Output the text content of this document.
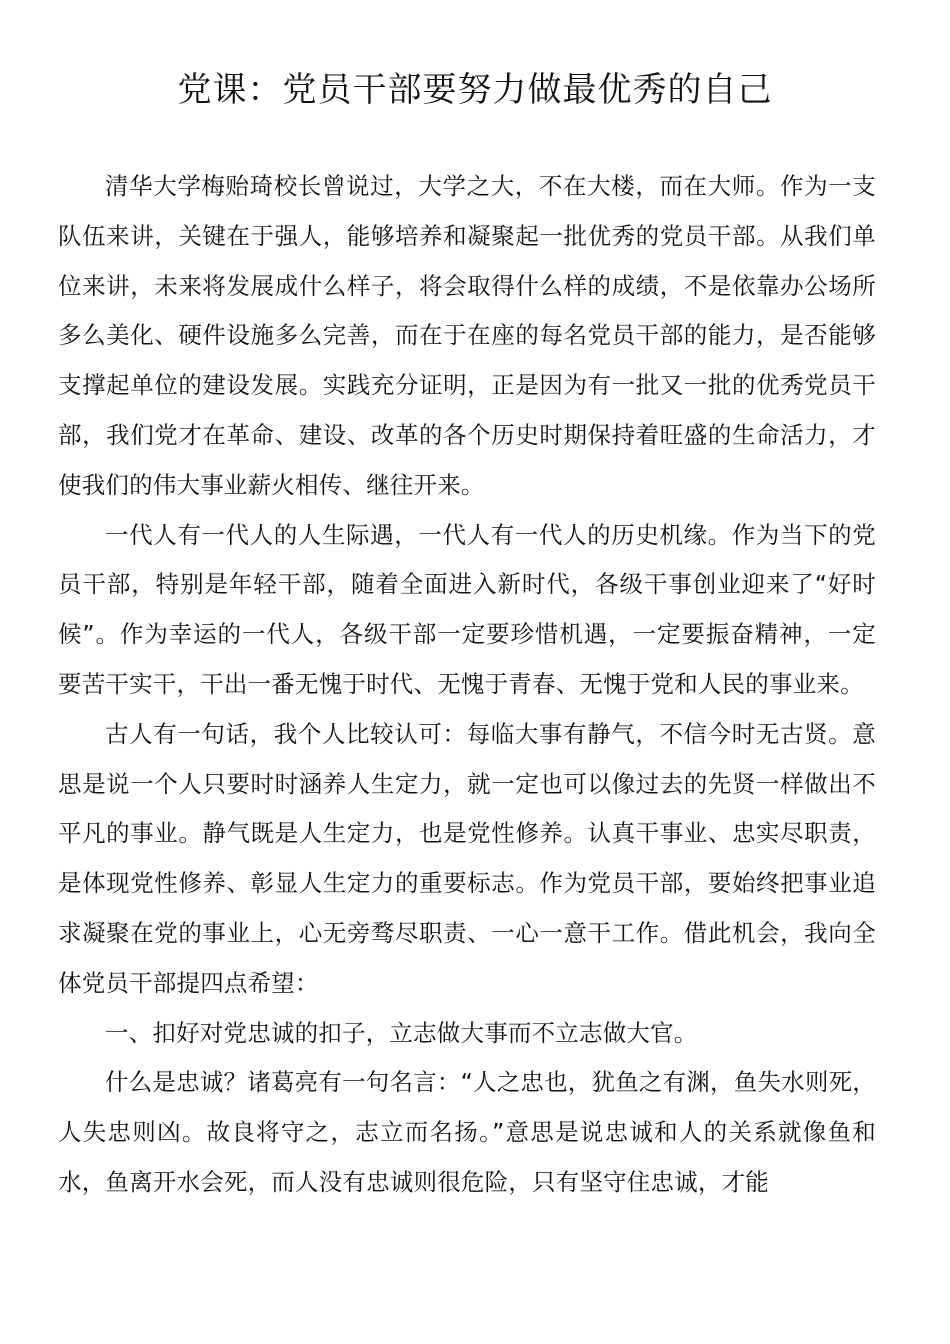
党课：党员干部要努力做最优秀的自己

清华大学梅贻琦校长曾说过，大学之大，不在大楼，而在大师。作为一支队伍来讲，关键在于强人，能够培养和凝聚起一批优秀的党员干部。从我们单位来讲，未来将发展成什么样子，将会取得什么样的成绩，不是依靠办公场所多么美化、硬件设施多么完善，而在于在座的每名党员干部的能力，是否能够支撑起单位的建设发展。实践充分证明，正是因为有一批又一批的优秀党员干部，我们党才在革命、建设、改革的各个历史时期保持着旺盛的生命活力，才使我们的伟大事业薪火相传、继往开来。

一代人有一代人的人生际遇，一代人有一代人的历史机缘。作为当下的党员干部，特别是年轻干部，随着全面进入新时代，各级干事创业迎来了“好时候”。作为幸运的一代人，各级干部一定要珍惜机遇，一定要振奋精神，一定要苦干实干，干出一番无愧于时代、无愧于青春、无愧于党和人民的事业来。

古人有一句话，我个人比较认可：每临大事有静气，不信今时无古贤。意思是说一个人只要时时涵养人生定力，就一定也可以像过去的先贤一样做出不平凡的事业。静气既是人生定力，也是党性修养。认真干事业、忠实尽职责，是体现党性修养、彰显人生定力的重要标志。作为党员干部，要始终把事业追求凝聚在党的事业上，心无旁骛尽职责、一心一意干工作。借此机会，我向全体党员干部提四点希望：

一、扣好对党忠诚的扣子，立志做大事而不立志做大官。

什么是忠诚？诸葛亮有一句名言：“人之忠也，犹鱼之有渊，鱼失水则死，人失忠则凶。故良将守之，志立而名扬。”意思是说忠诚和人的关系就像鱼和水，鱼离开水会死，而人没有忠诚则很危险，只有坚守住忠诚，才能
